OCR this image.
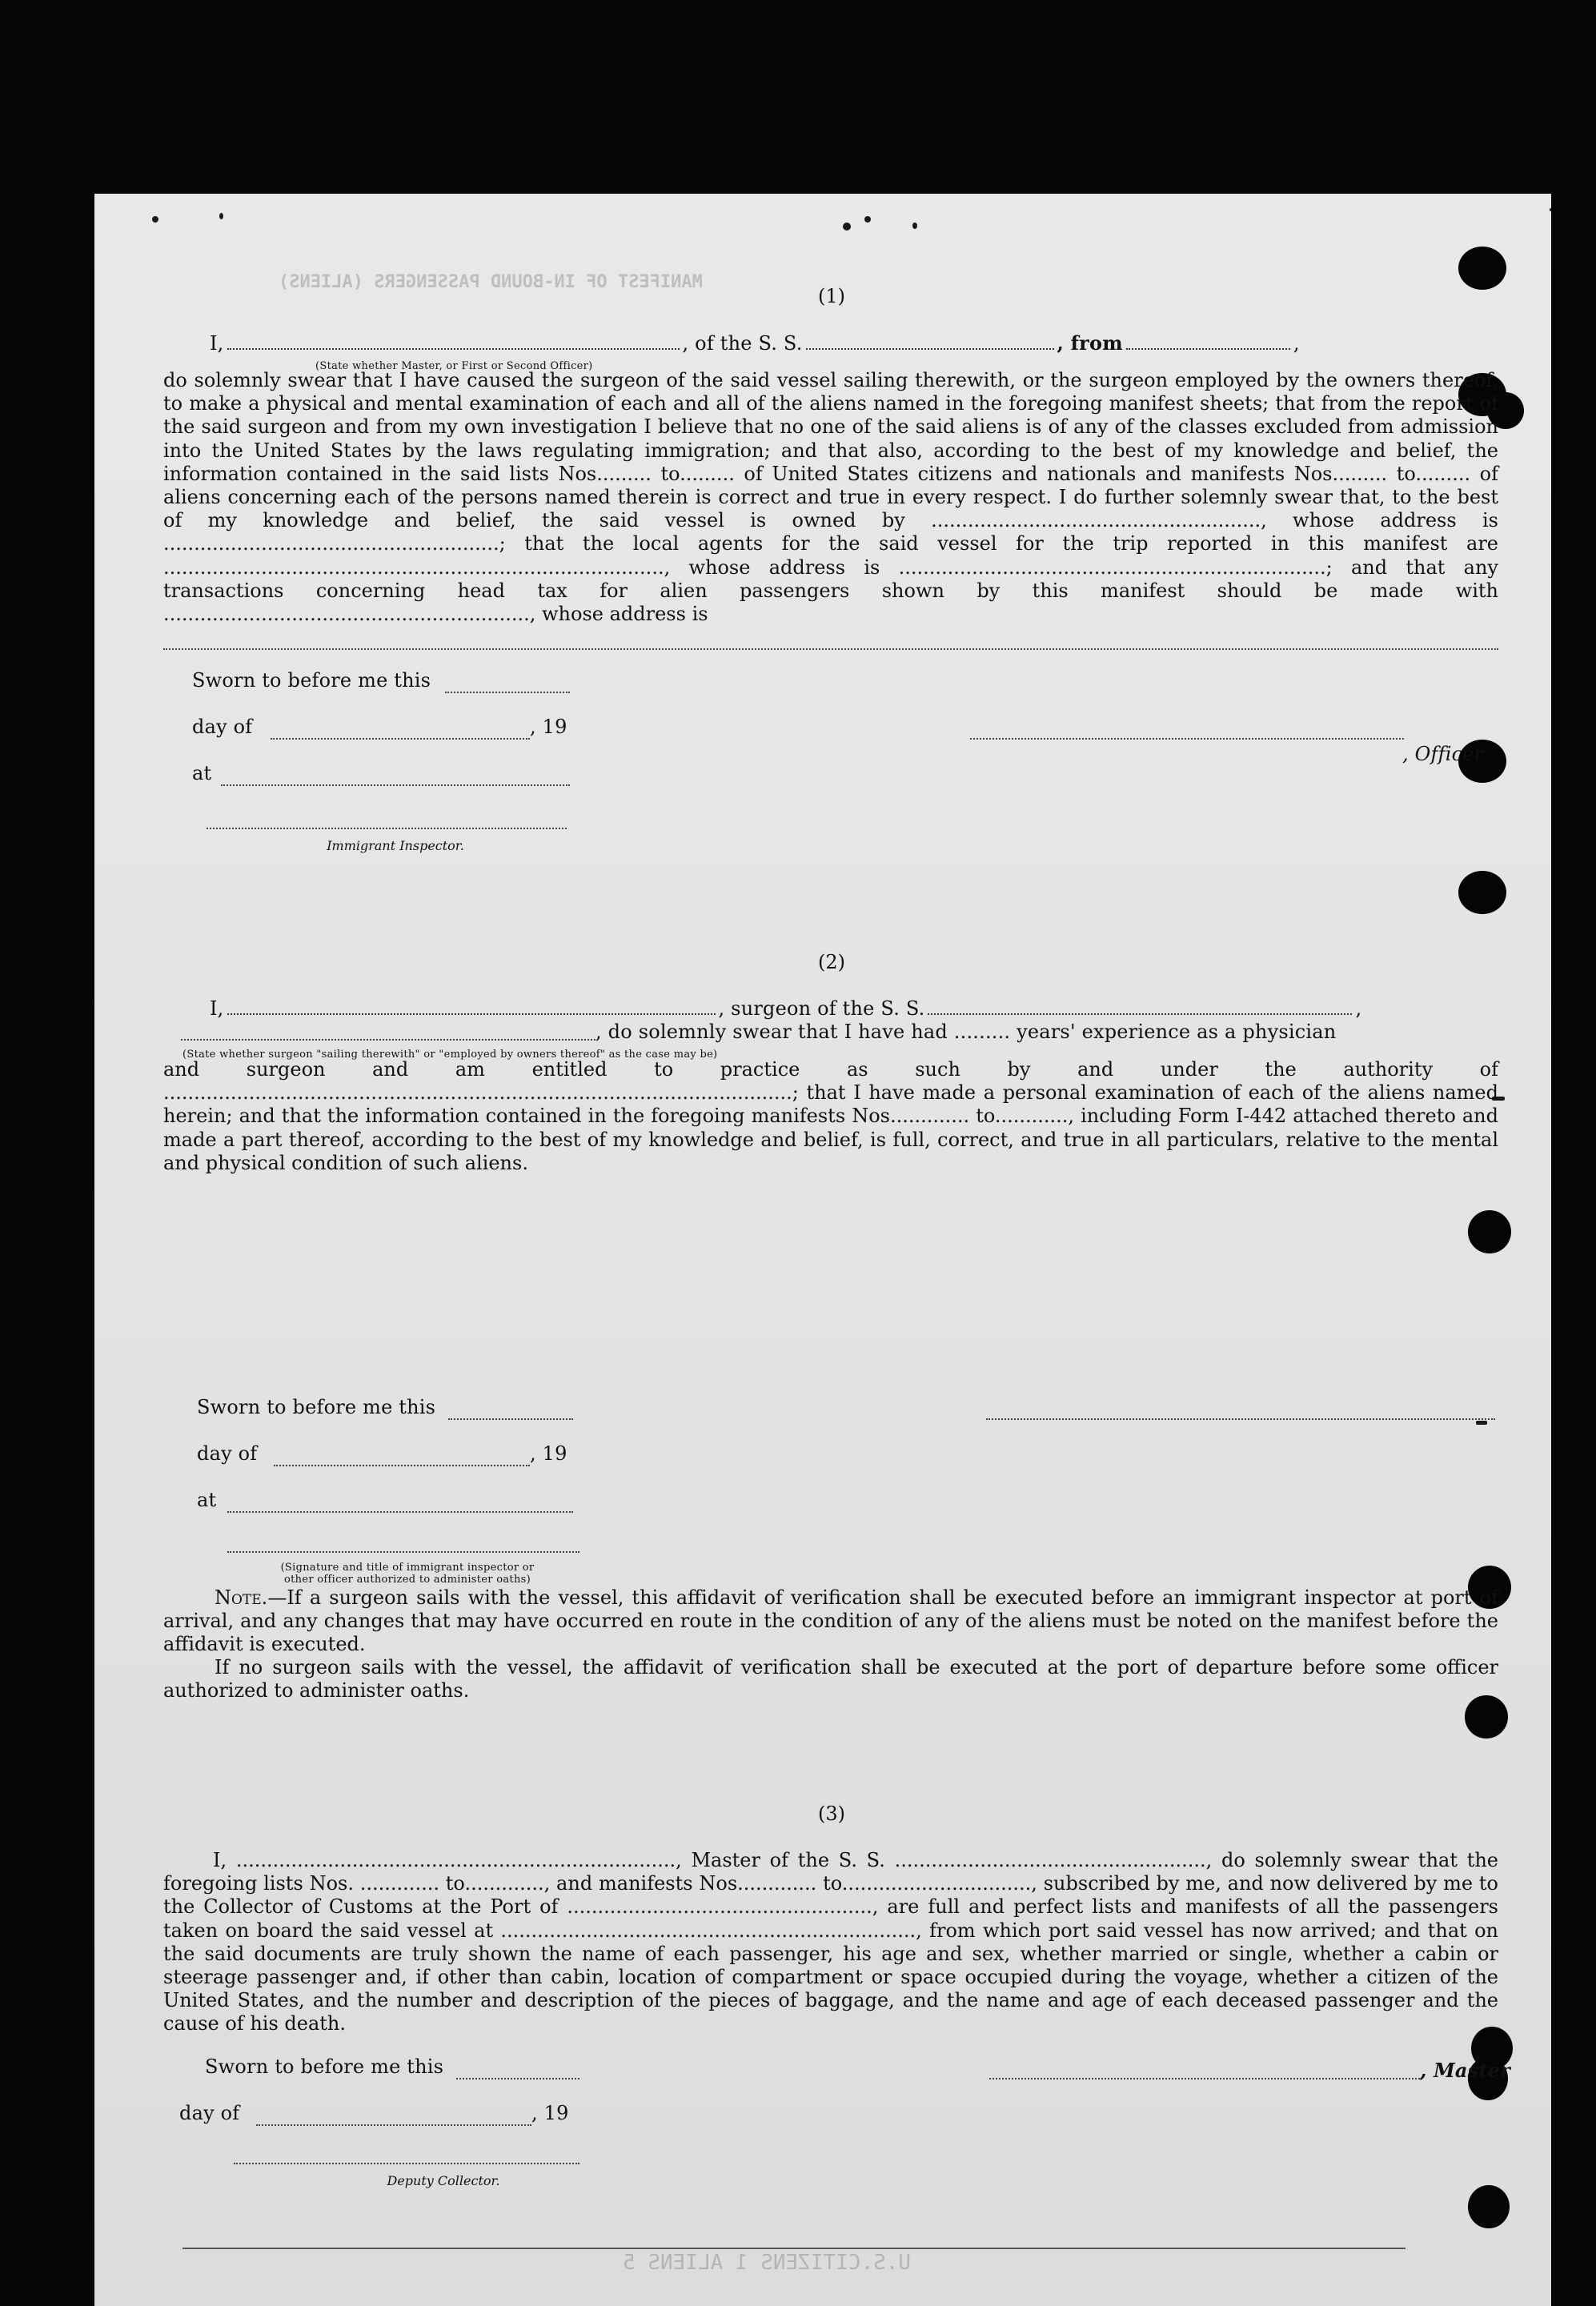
MANIFEST OF IN-BOUND PASSENGERS (ALIENS)
U.S.CITIZENS 1 ALIENS 5
(1)
I,	, of the S. S.	, from	,
(State whether Master, or First or Second Officer)
do solemnly swear that I have caused the surgeon of the said vessel sailing therewith, or the surgeon employed by the owners thereof, to make a physical and mental examination of each and all of the aliens named in the foregoing manifest sheets; that from the report of the said surgeon and from my own investigation I believe that no one of the said aliens is of any of the classes excluded from admission into the United States by the laws regulating immigration; and that also, according to the best of my knowledge and belief, the information contained in the said lists Nos......... to......... of United States citizens and nationals and manifests Nos......... to......... of aliens concerning each of the persons named therein is correct and true in every respect. I do further solemnly swear that, to the best of my knowledge and belief, the said vessel is owned by ......................................................, whose address is .......................................................; that the local agents for the said vessel for the trip reported in this manifest are .................................................................................., whose address is ......................................................................; and that any transactions concerning head tax for alien passengers shown by this manifest should be made with ............................................................, whose address is
Sworn to before me this
day of	, 19
at
, Officer
Immigrant Inspector.
(2)
I,	, surgeon of the S. S.	,
, do solemnly swear that I have had ......... years' experience as a physician
(State whether surgeon "sailing therewith" or "employed by owners thereof" as the case may be)
and surgeon and am entitled to practice as such by and under the authority of .......................................................................................................; that I have made a personal examination of each of the aliens named herein; and that the information contained in the foregoing manifests Nos............. to............, including Form I-442 attached thereto and made a part thereof, according to the best of my knowledge and belief, is full, correct, and true in all particulars, relative to the mental and physical condition of such aliens.
Sworn to before me this
day of	, 19
at
(Signature and title of immigrant inspector or
other officer authorized to administer oaths)
Note.—If a surgeon sails with the vessel, this affidavit of verification shall be executed before an immigrant inspector at port of arrival, and any changes that may have occurred en route in the condition of any of the aliens must be noted on the manifest before the affidavit is executed.
If no surgeon sails with the vessel, the affidavit of verification shall be executed at the port of departure before some officer authorized to administer oaths.
(3)
I, ........................................................................, Master of the S. S. ..................................................., do solemnly swear that the foregoing lists Nos. ............. to............., and manifests Nos............. to..............................., subscribed by me, and now delivered by me to the Collector of Customs at the Port of .................................................., are full and perfect lists and manifests of all the passengers taken on board the said vessel at ...................................................................., from which port said vessel has now arrived; and that on the said documents are truly shown the name of each passenger, his age and sex, whether married or single, whether a cabin or steerage passenger and, if other than cabin, location of compartment or space occupied during the voyage, whether a citizen of the United States, and the number and description of the pieces of baggage, and the name and age of each deceased passenger and the cause of his death.
Sworn to before me this	, Master
day of	, 19
Deputy Collector.
